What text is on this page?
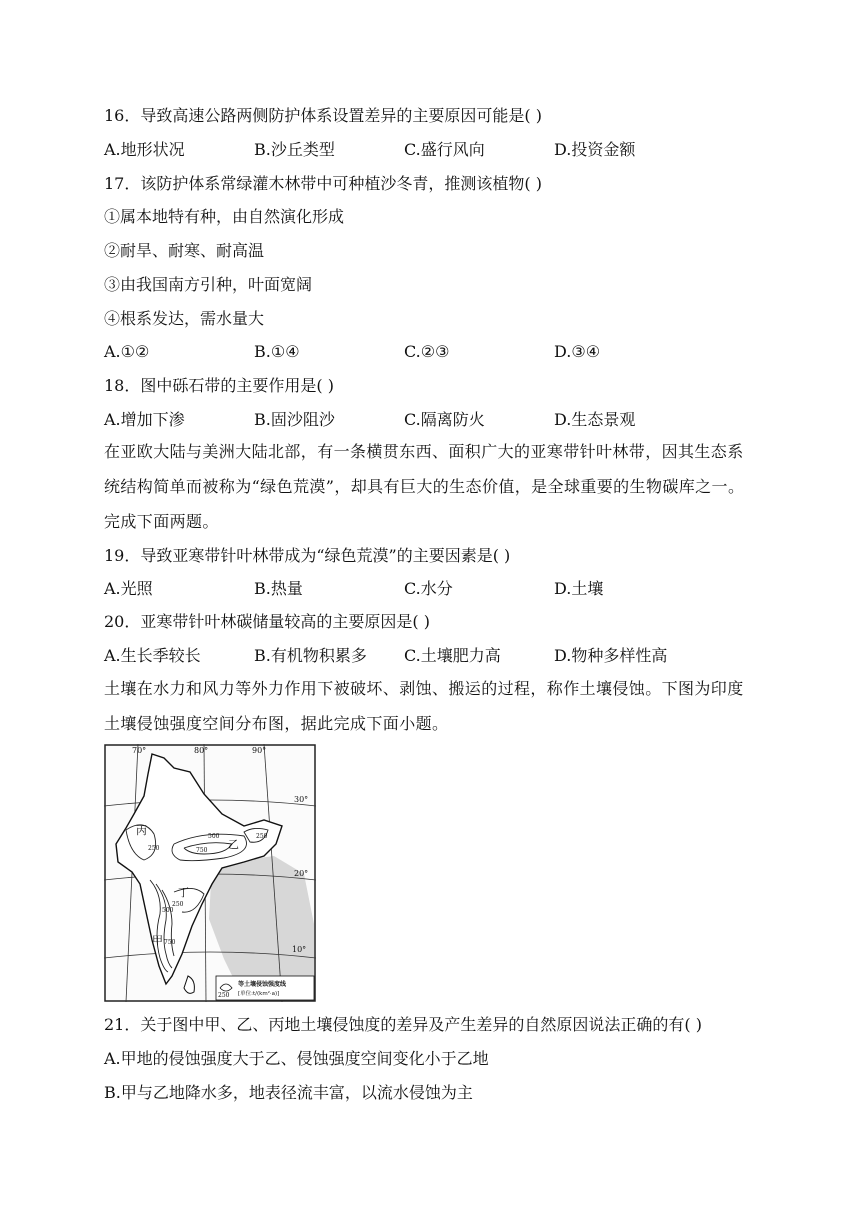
16．导致高速公路两侧防护体系设置差异的主要原因可能是( )
A.地形状况	B.沙丘类型	C.盛行风向	D.投资金额
17．该防护体系常绿灌木林带中可种植沙冬青，推测该植物( )
①属本地特有种，由自然演化形成
②耐旱、耐寒、耐高温
③由我国南方引种，叶面宽阔
④根系发达，需水量大
A.①②	B.①④	C.②③	D.③④
18．图中砾石带的主要作用是( )
A.增加下渗	B.固沙阻沙	C.隔离防火	D.生态景观
在亚欧大陆与美洲大陆北部，有一条横贯东西、面积广大的亚寒带针叶林带，因其生态系统结构简单而被称为“绿色荒漠”，却具有巨大的生态价值，是全球重要的生物碳库之一。完成下面两题。
19．导致亚寒带针叶林带成为“绿色荒漠”的主要因素是( )
A.光照	B.热量	C.水分	D.土壤
20．亚寒带针叶林碳储量较高的主要原因是( )
A.生长季较长	B.有机物积累多 C.土壤肥力高	D.物种多样性高
土壤在水力和风力等外力作用下被破坏、剥蚀、搬运的过程，称作土壤侵蚀。下图为印度土壤侵蚀强度空间分布图，据此完成下面小题。
70°	80°	90°
30°
20°
10°
丙
乙
甲
丁
500
750
250
250
500
250
750
250
等土壤侵蚀强度线
[单位:t/(km²·a)]
21．关于图中甲、乙、丙地土壤侵蚀度的差异及产生差异的自然原因说法正确的有( )
A.甲地的侵蚀强度大于乙、侵蚀强度空间变化小于乙地
B.甲与乙地降水多，地表径流丰富，以流水侵蚀为主
